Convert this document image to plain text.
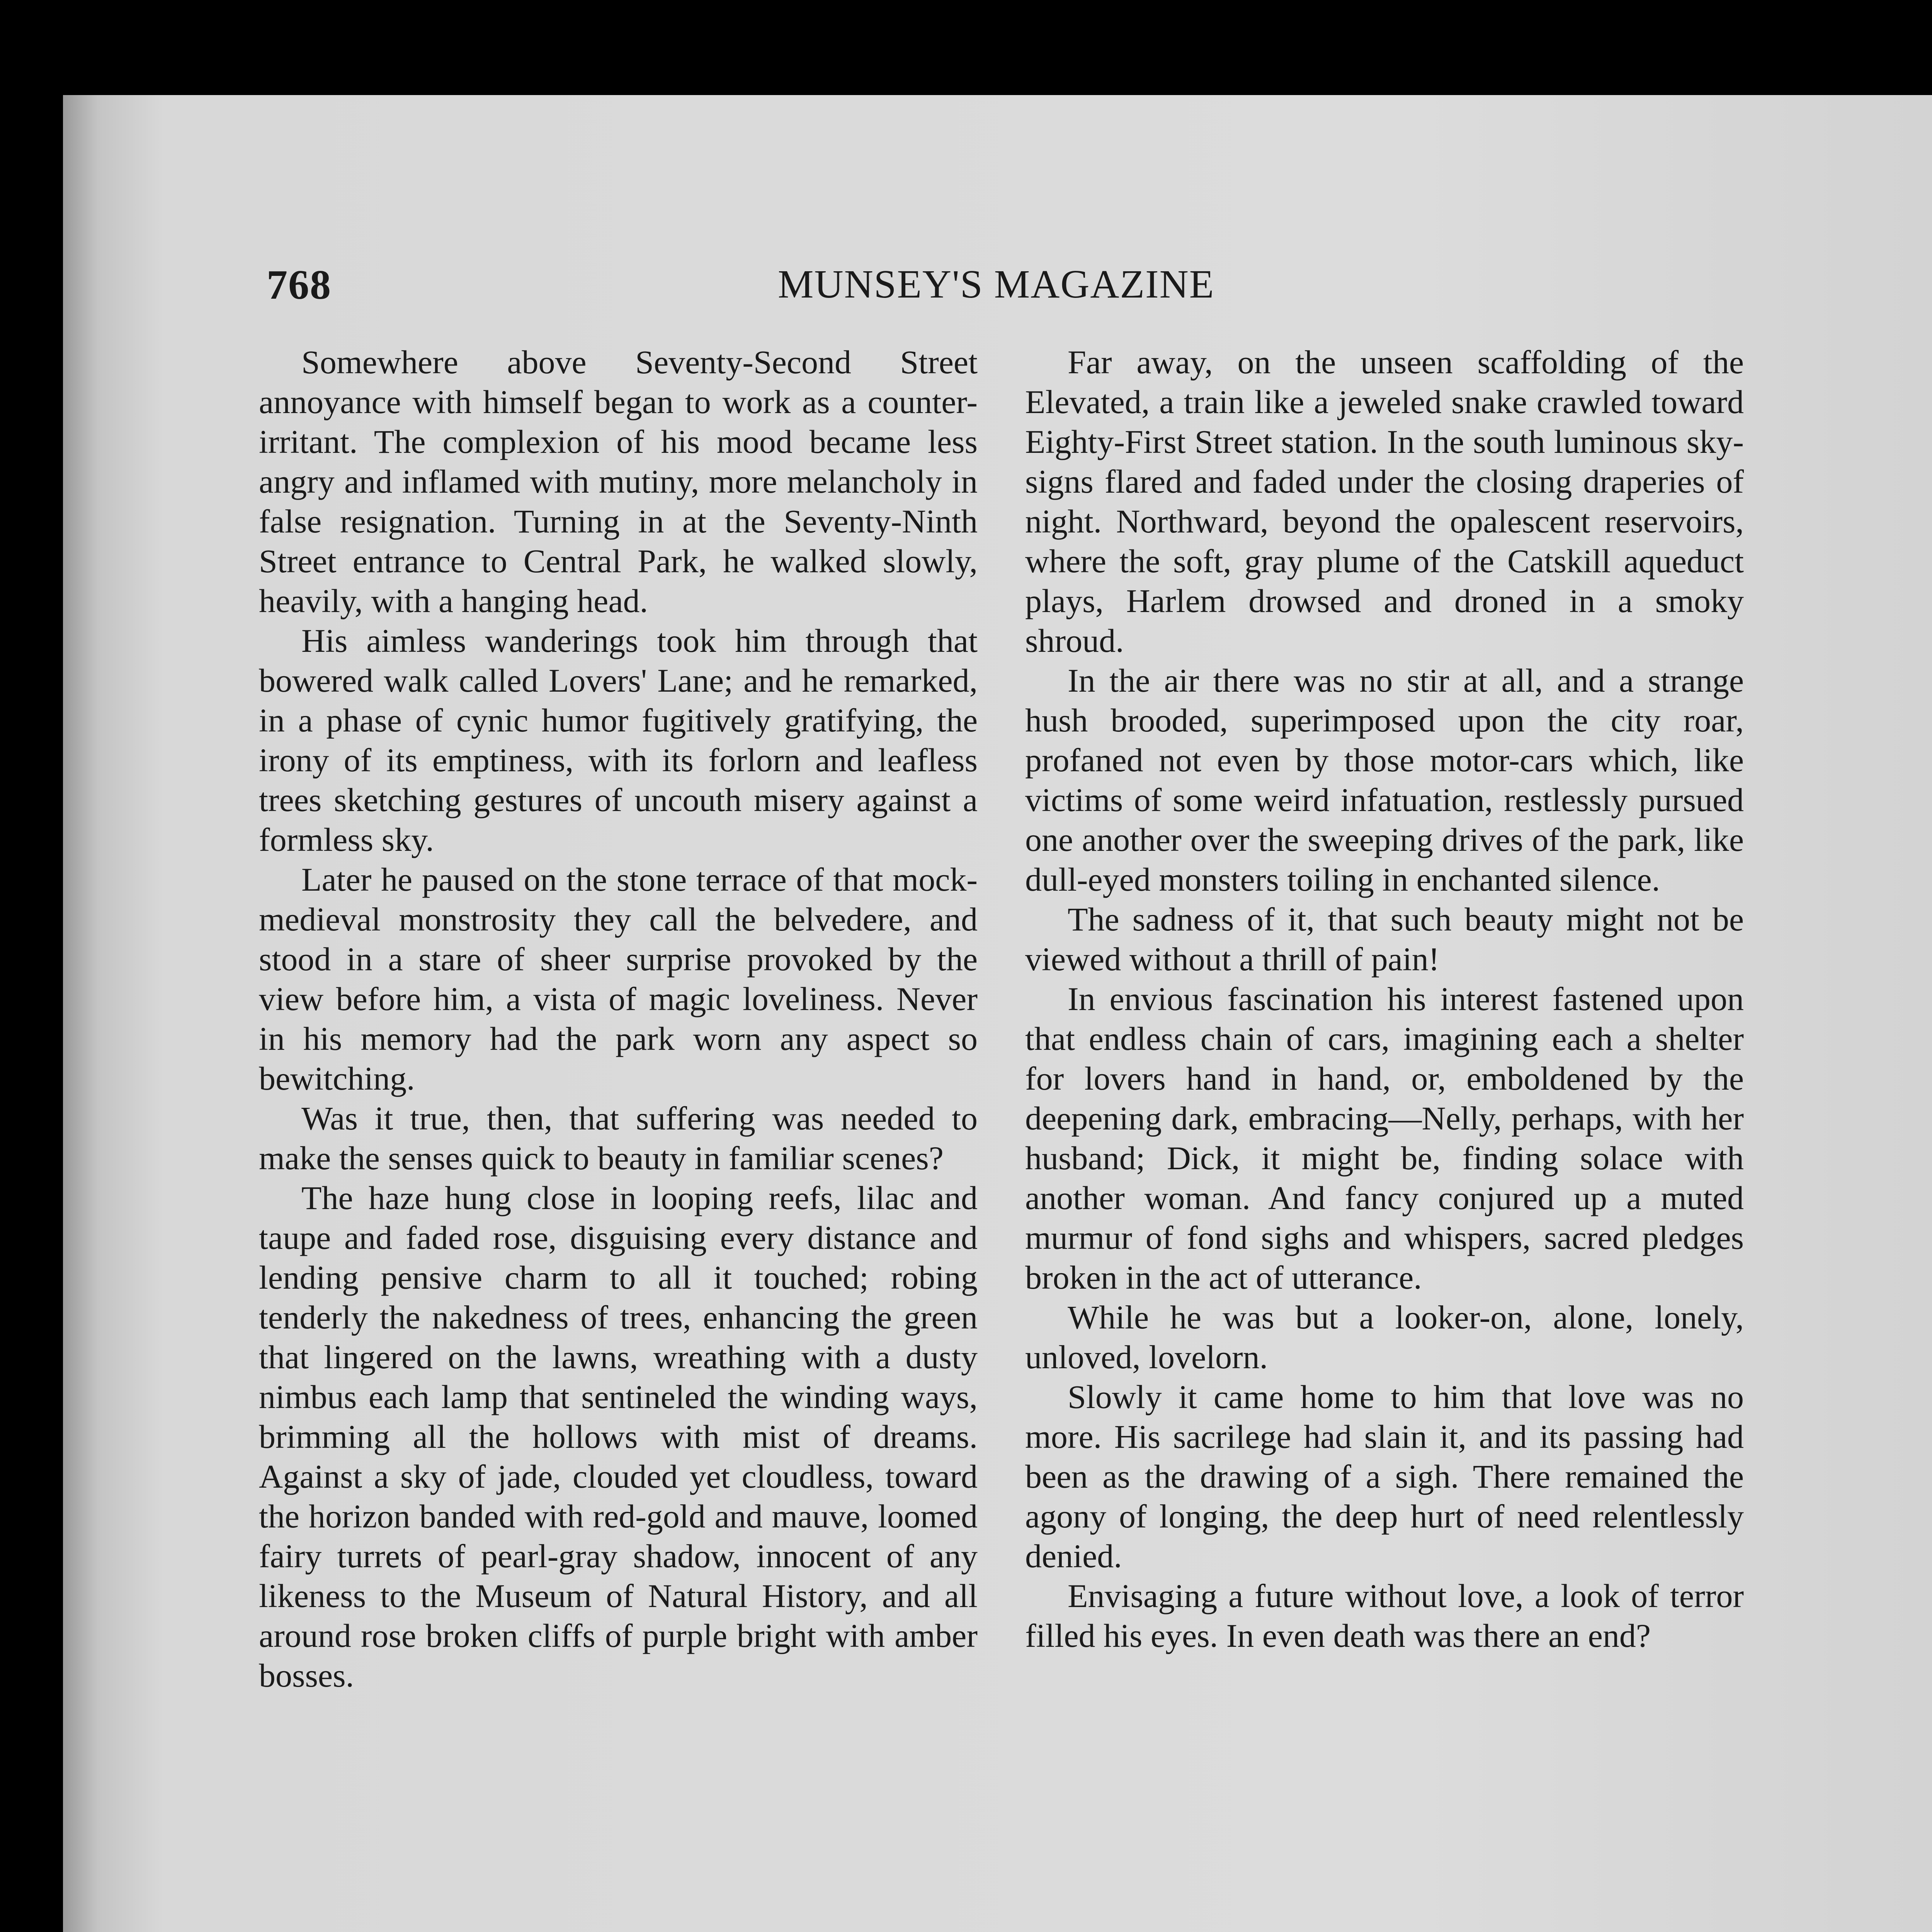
768	MUNSEY'S MAGAZINE

Somewhere above Seventy-Second Street annoyance with himself began to work as a counter-irritant. The complexion of his mood became less angry and inflamed with mutiny, more melancholy in false resignation. Turning in at the Seventy-Ninth Street entrance to Central Park, he walked slowly, heavily, with a hanging head.

His aimless wanderings took him through that bowered walk called Lovers' Lane; and he remarked, in a phase of cynic humor fugitively gratifying, the irony of its emptiness, with its forlorn and leafless trees sketching gestures of uncouth misery against a formless sky.

Later he paused on the stone terrace of that mock-medieval monstrosity they call the belvedere, and stood in a stare of sheer surprise provoked by the view before him, a vista of magic loveliness. Never in his memory had the park worn any aspect so bewitching.

Was it true, then, that suffering was needed to make the senses quick to beauty in familiar scenes?

The haze hung close in looping reefs, lilac and taupe and faded rose, disguising every distance and lending pensive charm to all it touched; robing tenderly the nakedness of trees, enhancing the green that lingered on the lawns, wreathing with a dusty nimbus each lamp that sentineled the winding ways, brimming all the hollows with mist of dreams. Against a sky of jade, clouded yet cloudless, toward the horizon banded with red-gold and mauve, loomed fairy turrets of pearl-gray shadow, innocent of any likeness to the Museum of Natural History, and all around rose broken cliffs of purple bright with amber bosses.

Far away, on the unseen scaffolding of the Elevated, a train like a jeweled snake crawled toward Eighty-First Street station. In the south luminous sky-signs flared and faded under the closing draperies of night. Northward, beyond the opalescent reservoirs, where the soft, gray plume of the Catskill aqueduct plays, Harlem drowsed and droned in a smoky shroud.

In the air there was no stir at all, and a strange hush brooded, superimposed upon the city roar, profaned not even by those motor-cars which, like victims of some weird infatuation, restlessly pursued one another over the sweeping drives of the park, like dull-eyed monsters toiling in enchanted silence.

The sadness of it, that such beauty might not be viewed without a thrill of pain!

In envious fascination his interest fastened upon that endless chain of cars, imagining each a shelter for lovers hand in hand, or, emboldened by the deepening dark, embracing—Nelly, perhaps, with her husband; Dick, it might be, finding solace with another woman. And fancy conjured up a muted murmur of fond sighs and whispers, sacred pledges broken in the act of utterance.

While he was but a looker-on, alone, lonely, unloved, lovelorn.

Slowly it came home to him that love was no more. His sacrilege had slain it, and its passing had been as the drawing of a sigh. There remained the agony of longing, the deep hurt of need relentlessly denied.

Envisaging a future without love, a look of terror filled his eyes. In even death was there an end?
